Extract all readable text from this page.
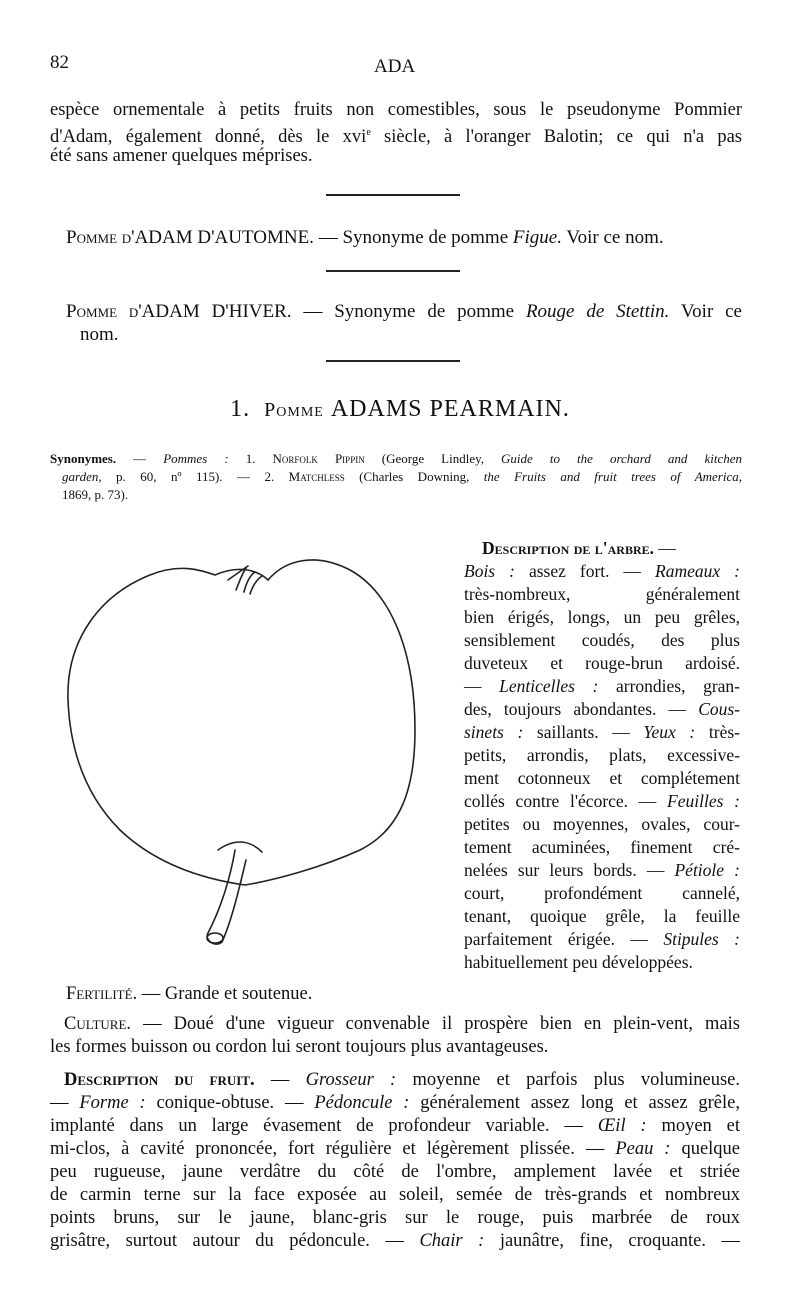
82	ADA
espèce ornementale à petits fruits non comestibles, sous le pseudonyme Pommier
d'Adam, également donné, dès le xvi$^e$ siècle, à l'oranger Balotin; ce qui n'a pas
été sans amener quelques méprises.
Pomme d'ADAM D'AUTOMNE. — Synonyme de pomme Figue. Voir ce nom.
Pomme d'ADAM D'HIVER. — Synonyme de pomme Rouge de Stettin. Voir ce
nom.
1. Pomme ADAMS PEARMAIN.
Synonymes. — Pommes : 1. Norfolk Pippin (George Lindley, Guide to the orchard and kitchen
garden, p. 60, nº 115). — 2. Matchless (Charles Downing, the Fruits and fruit trees of America,
1869, p. 73).
Description de l'arbre. —
Bois : assez fort. — Rameaux :
très-nombreux, généralement
bien érigés, longs, un peu grêles,
sensiblement coudés, des plus
duveteux et rouge-brun ardoisé.
— Lenticelles : arrondies, gran-
des, toujours abondantes. — Cous-
sinets : saillants. — Yeux : très-
petits, arrondis, plats, excessive-
ment cotonneux et complétement
collés contre l'écorce. — Feuilles :
petites ou moyennes, ovales, cour-
tement acuminées, finement cré-
nelées sur leurs bords. — Pétiole :
court, profondément cannelé,
tenant, quoique grêle, la feuille
parfaitement érigée. — Stipules :
habituellement peu développées.
Fertilité. — Grande et soutenue.
Culture. — Doué d'une vigueur convenable il prospère bien en plein-vent, mais
les formes buisson ou cordon lui seront toujours plus avantageuses.
Description du fruit. — Grosseur : moyenne et parfois plus volumineuse.
— Forme : conique-obtuse. — Pédoncule : généralement assez long et assez grêle,
implanté dans un large évasement de profondeur variable. — Œil : moyen et
mi-clos, à cavité prononcée, fort régulière et légèrement plissée. — Peau : quelque
peu rugueuse, jaune verdâtre du côté de l'ombre, amplement lavée et striée
de carmin terne sur la face exposée au soleil, semée de très-grands et nombreux
points bruns, sur le jaune, blanc-gris sur le rouge, puis marbrée de roux
grisâtre, surtout autour du pédoncule. — Chair : jaunâtre, fine, croquante. —
